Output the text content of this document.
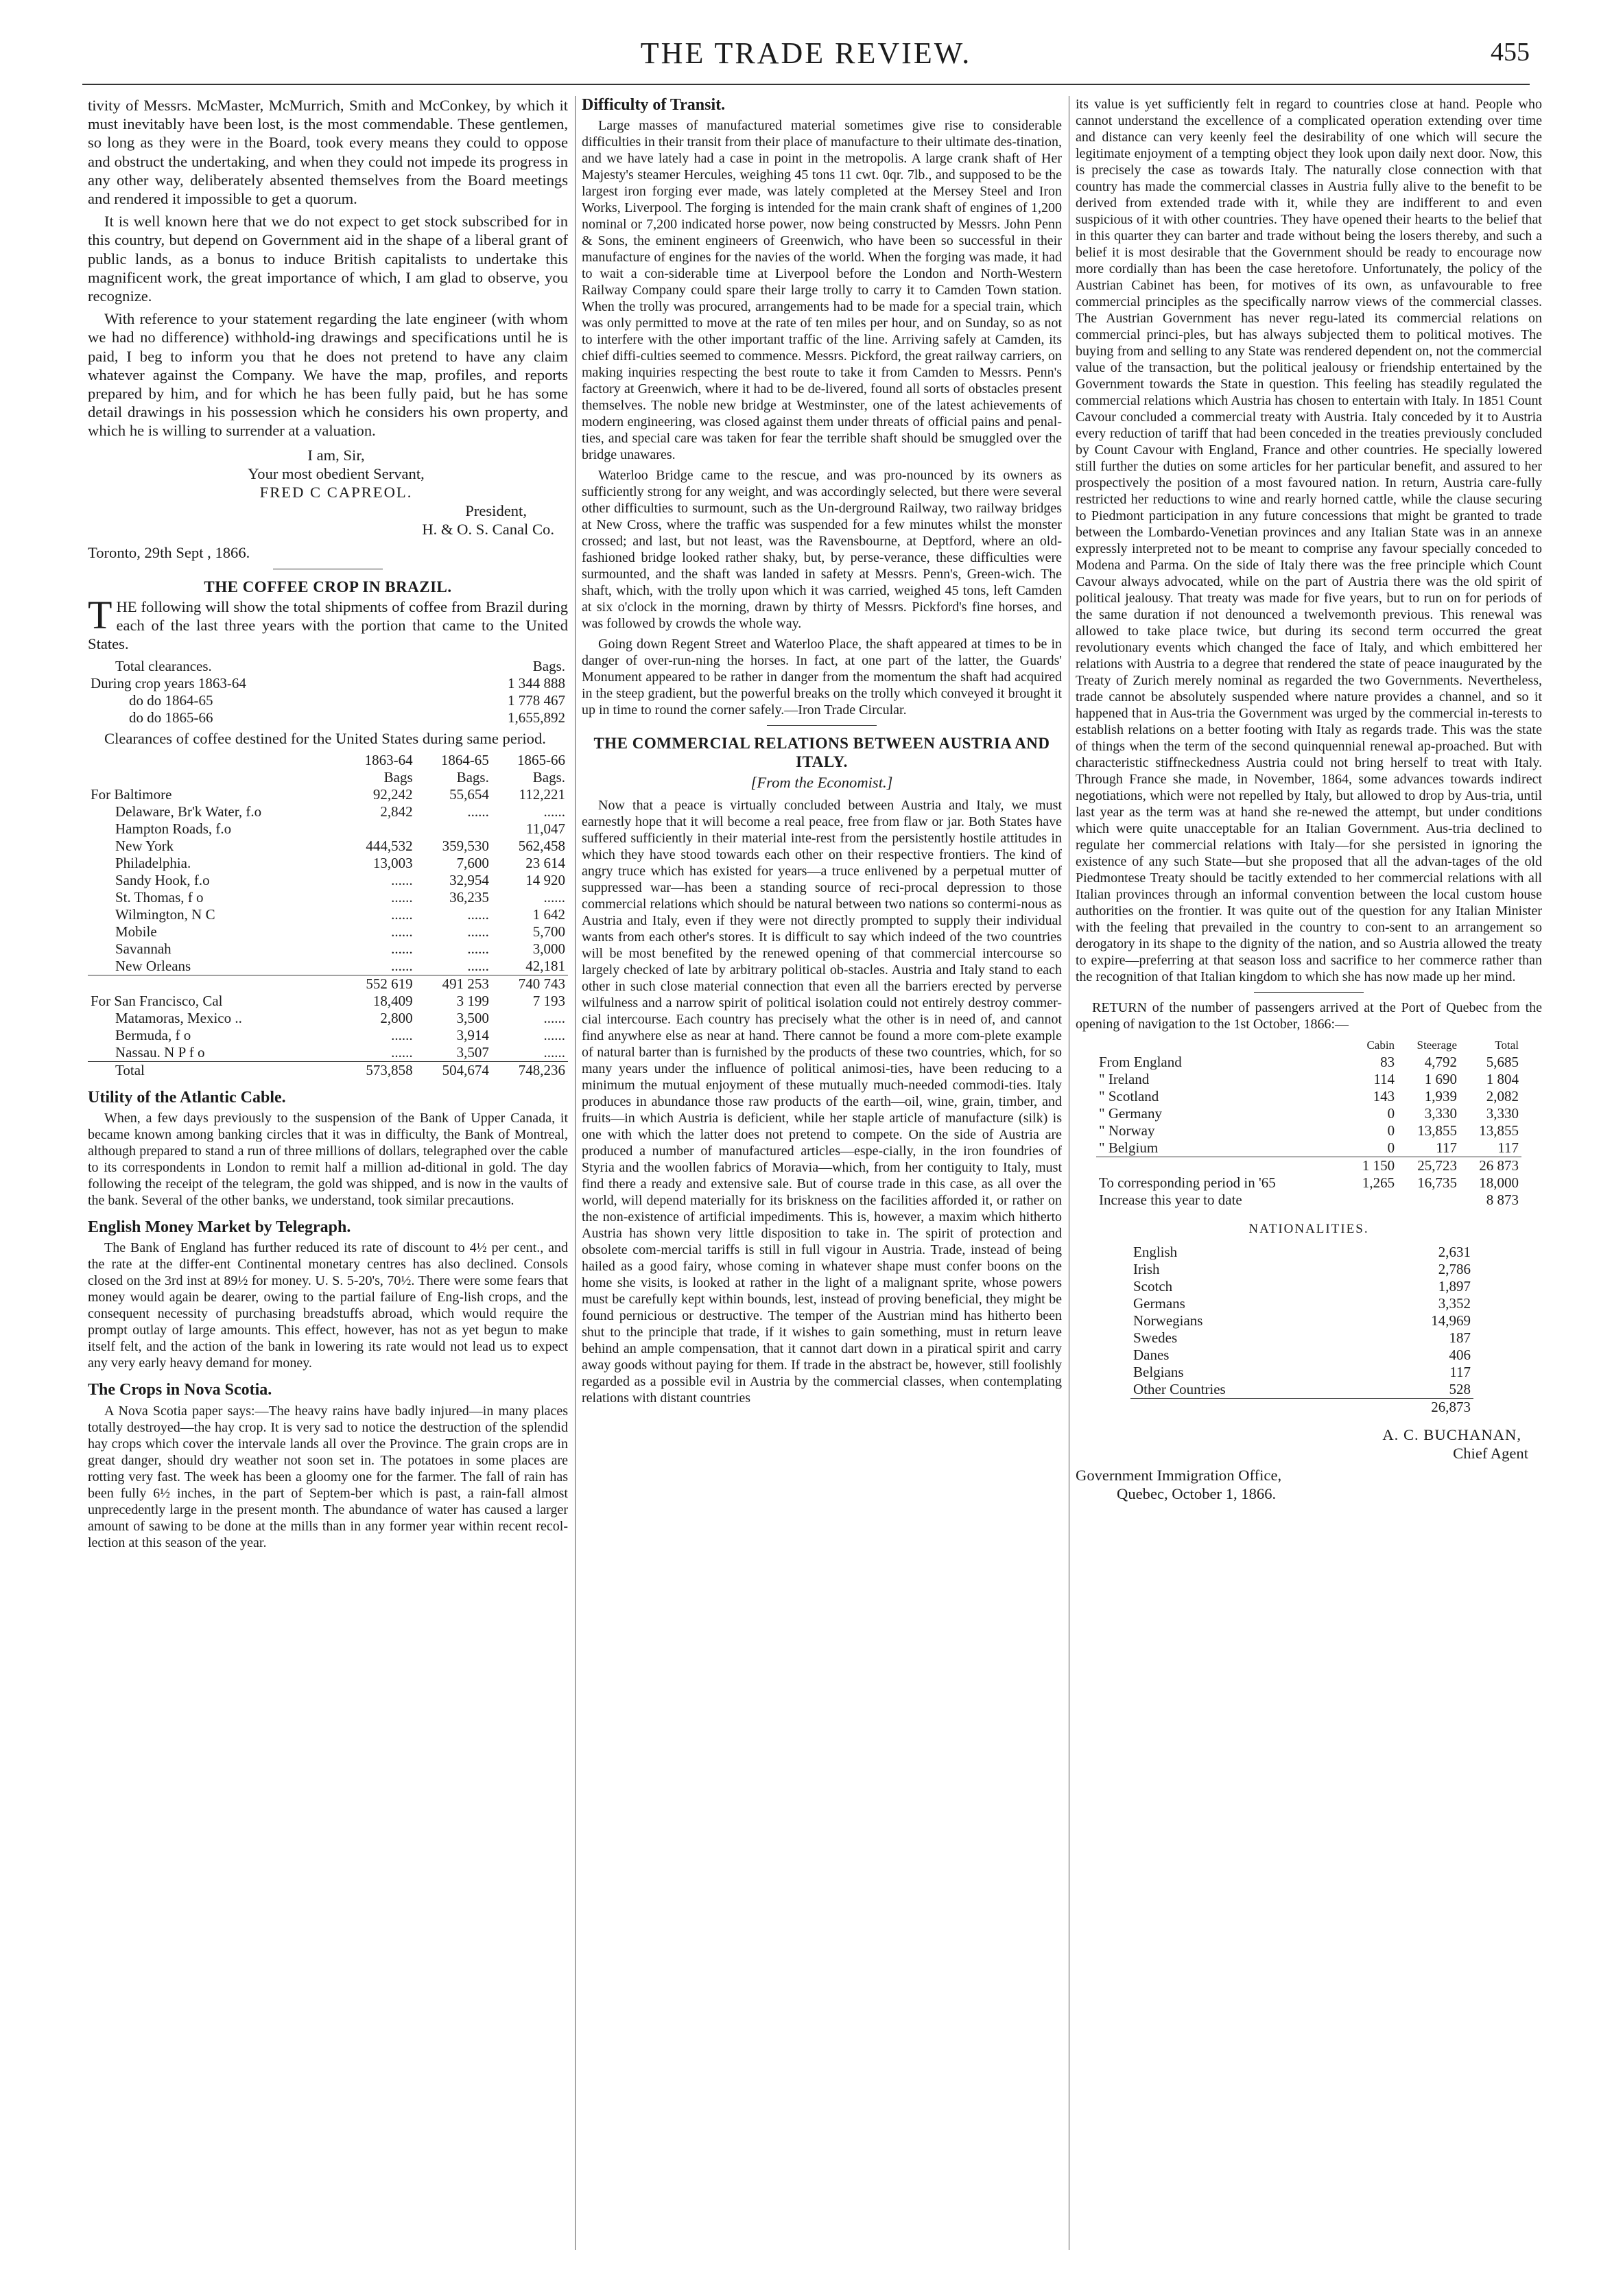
THE TRADE REVIEW.	455

tivity of Messrs. McMaster, McMurrich, Smith and McConkey, by which it must inevitably have been lost, is the most commendable. These gentlemen, so long as they were in the Board, took every means they could to oppose and obstruct the undertaking, and when they could not impede its progress in any other way, deliberately absented themselves from the Board meetings and rendered it impossible to get a quorum.

It is well known here that we do not expect to get stock subscribed for in this country, but depend on Government aid in the shape of a liberal grant of public lands, as a bonus to induce British capitalists to undertake this magnificent work, the great importance of which, I am glad to observe, you recognize.

With reference to your statement regarding the late engineer (with whom we had no difference) withhold-ing drawings and specifications until he is paid, I beg to inform you that he does not pretend to have any claim whatever against the Company. We have the map, profiles, and reports prepared by him, and for which he has been fully paid, but he has some detail drawings in his possession which he considers his own property, and which he is willing to surrender at a valuation.

I am, Sir,

Your most obedient Servant,

FRED C CAPREOL.

President,

H. & O. S. Canal Co.

Toronto, 29th Sept , 1866.

THE COFFEE CROP IN BRAZIL.

THE following will show the total shipments of coffee from Brazil during each of the last three years with the portion that came to the United States.

Total clearances.	Bags.
During crop years 1863-64	1 344 888
do do 1864-65	1 778 467
do do 1865-66	1,655,892

Clearances of coffee destined for the United States during same period.

	1863-64	1864-65	1865-66
	Bags	Bags.	Bags.
For Baltimore	92,242	55,654	112,221
Delaware, Br'k Water, f.o	2,842	......	......
Hampton Roads, f.o			11,047
New York	444,532	359,530	562,458
Philadelphia.	13,003	7,600	23 614
Sandy Hook, f.o	......	32,954	14 920
St. Thomas, f o	......	36,235	......
Wilmington, N C	......	......	1 642
Mobile	......	......	5,700
Savannah	......	......	3,000
New Orleans	......	......	42,181
	552 619	491 253	740 743
For San Francisco, Cal	18,409	3 199	7 193
Matamoras, Mexico ..	2,800	3,500	......
Bermuda, f o	......	3,914	......
Nassau. N P f o	......	3,507	......
Total	573,858	504,674	748,236
Utility of the Atlantic Cable.

When, a few days previously to the suspension of the Bank of Upper Canada, it became known among banking circles that it was in difficulty, the Bank of Montreal, although prepared to stand a run of three millions of dollars, telegraphed over the cable to its correspondents in London to remit half a million ad-ditional in gold. The day following the receipt of the telegram, the gold was shipped, and is now in the vaults of the bank. Several of the other banks, we understand, took similar precautions.

English Money Market by Telegraph.

The Bank of England has further reduced its rate of discount to 4½ per cent., and the rate at the differ-ent Continental monetary centres has also declined. Consols closed on the 3rd inst at 89½ for money. U. S. 5-20's, 70½. There were some fears that money would again be dearer, owing to the partial failure of Eng-lish crops, and the consequent necessity of purchasing breadstuffs abroad, which would require the prompt outlay of large amounts. This effect, however, has not as yet begun to make itself felt, and the action of the bank in lowering its rate would not lead us to expect any very early heavy demand for money.

The Crops in Nova Scotia.

A Nova Scotia paper says:—The heavy rains have badly injured—in many places totally destroyed—the hay crop. It is very sad to notice the destruction of the splendid hay crops which cover the intervale lands all over the Province. The grain crops are in great danger, should dry weather not soon set in. The potatoes in some places are rotting very fast. The week has been a gloomy one for the farmer. The fall of rain has been fully 6½ inches, in the part of Septem-ber which is past, a rain-fall almost unprecedently large in the present month. The abundance of water has caused a larger amount of sawing to be done at the mills than in any former year within recent recol-lection at this season of the year.

Difficulty of Transit.

Large masses of manufactured material sometimes give rise to considerable difficulties in their transit from their place of manufacture to their ultimate des-tination, and we have lately had a case in point in the metropolis. A large crank shaft of Her Majesty's steamer Hercules, weighing 45 tons 11 cwt. 0qr. 7lb., and supposed to be the largest iron forging ever made, was lately completed at the Mersey Steel and Iron Works, Liverpool. The forging is intended for the main crank shaft of engines of 1,200 nominal or 7,200 indicated horse power, now being constructed by Messrs. John Penn & Sons, the eminent engineers of Greenwich, who have been so successful in their manufacture of engines for the navies of the world. When the forging was made, it had to wait a con-siderable time at Liverpool before the London and North-Western Railway Company could spare their large trolly to carry it to Camden Town station. When the trolly was procured, arrangements had to be made for a special train, which was only permitted to move at the rate of ten miles per hour, and on Sunday, so as not to interfere with the other important traffic of the line. Arriving safely at Camden, its chief diffi-culties seemed to commence. Messrs. Pickford, the great railway carriers, on making inquiries respecting the best route to take it from Camden to Messrs. Penn's factory at Greenwich, where it had to be de-livered, found all sorts of obstacles present themselves. The noble new bridge at Westminster, one of the latest achievements of modern engineering, was closed against them under threats of official pains and penal-ties, and special care was taken for fear the terrible shaft should be smuggled over the bridge unawares.

Waterloo Bridge came to the rescue, and was pro-nounced by its owners as sufficiently strong for any weight, and was accordingly selected, but there were several other difficulties to surmount, such as the Un-derground Railway, two railway bridges at New Cross, where the traffic was suspended for a few minutes whilst the monster crossed; and last, but not least, was the Ravensbourne, at Deptford, where an old-fashioned bridge looked rather shaky, but, by perse-verance, these difficulties were surmounted, and the shaft was landed in safety at Messrs. Penn's, Green-wich. The shaft, which, with the trolly upon which it was carried, weighed 45 tons, left Camden at six o'clock in the morning, drawn by thirty of Messrs. Pickford's fine horses, and was followed by crowds the whole way.

Going down Regent Street and Waterloo Place, the shaft appeared at times to be in danger of over-run-ning the horses. In fact, at one part of the latter, the Guards' Monument appeared to be rather in danger from the momentum the shaft had acquired in the steep gradient, but the powerful breaks on the trolly which conveyed it brought it up in time to round the corner safely.—Iron Trade Circular.

THE COMMERCIAL RELATIONS BETWEEN AUSTRIA AND ITALY.
[From the Economist.]

Now that a peace is virtually concluded between Austria and Italy, we must earnestly hope that it will become a real peace, free from flaw or jar. Both States have suffered sufficiently in their material inte-rest from the persistently hostile attitudes in which they have stood towards each other on their respective frontiers. The kind of angry truce which has existed for years—a truce enlivened by a perpetual mutter of suppressed war—has been a standing source of reci-procal depression to those commercial relations which should be natural between two nations so contermi-nous as Austria and Italy, even if they were not directly prompted to supply their individual wants from each other's stores. It is difficult to say which indeed of the two countries will be most benefited by the renewed opening of that commercial intercourse so largely checked of late by arbitrary political ob-stacles. Austria and Italy stand to each other in such close material connection that even all the barriers erected by perverse wilfulness and a narrow spirit of political isolation could not entirely destroy commer-cial intercourse. Each country has precisely what the other is in need of, and cannot find anywhere else as near at hand. There cannot be found a more com-plete example of natural barter than is furnished by the products of these two countries, which, for so many years under the influence of political animosi-ties, have been reducing to a minimum the mutual enjoyment of these mutually much-needed commodi-ties. Italy produces in abundance those raw products of the earth—oil, wine, grain, timber, and fruits—in which Austria is deficient, while her staple article of manufacture (silk) is one with which the latter does not pretend to compete. On the side of Austria are produced a number of manufactured articles—espe-cially, in the iron foundries of Styria and the woollen fabrics of Moravia—which, from her contiguity to Italy, must find there a ready and extensive sale. But of course trade in this case, as all over the world, will depend materially for its briskness on the facilities afforded it, or rather on the non-existence of artificial impediments. This is, however, a maxim which hitherto Austria has shown very little disposition to take in. The spirit of protection and obsolete com-mercial tariffs is still in full vigour in Austria. Trade, instead of being hailed as a good fairy, whose coming in whatever shape must confer boons on the home she visits, is looked at rather in the light of a malignant sprite, whose powers must be carefully kept within bounds, lest, instead of proving beneficial, they might be found pernicious or destructive. The temper of the Austrian mind has hitherto been shut to the principle that trade, if it wishes to gain something, must in return leave behind an ample compensation, that it cannot dart down in a piratical spirit and carry away goods without paying for them. If trade in the abstract be, however, still foolishly regarded as a possible evil in Austria by the commercial classes, when contemplating relations with distant countries

its value is yet sufficiently felt in regard to countries close at hand. People who cannot understand the excellence of a complicated operation extending over time and distance can very keenly feel the desirability of one which will secure the legitimate enjoyment of a tempting object they look upon daily next door. Now, this is precisely the case as towards Italy. The naturally close connection with that country has made the commercial classes in Austria fully alive to the benefit to be derived from extended trade with it, while they are indifferent to and even suspicious of it with other countries. They have opened their hearts to the belief that in this quarter they can barter and trade without being the losers thereby, and such a belief it is most desirable that the Government should be ready to encourage now more cordially than has been the case heretofore. Unfortunately, the policy of the Austrian Cabinet has been, for motives of its own, as unfavourable to free commercial principles as the specifically narrow views of the commercial classes. The Austrian Government has never regu-lated its commercial relations on commercial princi-ples, but has always subjected them to political motives. The buying from and selling to any State was rendered dependent on, not the commercial value of the transaction, but the political jealousy or friendship entertained by the Government towards the State in question. This feeling has steadily regulated the commercial relations which Austria has chosen to entertain with Italy. In 1851 Count Cavour concluded a commercial treaty with Austria. Italy conceded by it to Austria every reduction of tariff that had been conceded in the treaties previously concluded by Count Cavour with England, France and other countries. He specially lowered still further the duties on some articles for her particular benefit, and assured to her prospectively the position of a most favoured nation. In return, Austria care-fully restricted her reductions to wine and rearly horned cattle, while the clause securing to Piedmont participation in any future concessions that might be granted to trade between the Lombardo-Venetian provinces and any Italian State was in an annexe expressly interpreted not to be meant to comprise any favour specially conceded to Modena and Parma. On the side of Italy there was the free principle which Count Cavour always advocated, while on the part of Austria there was the old spirit of political jealousy. That treaty was made for five years, but to run on for periods of the same duration if not denounced a twelvemonth previous. This renewal was allowed to take place twice, but during its second term occurred the great revolutionary events which changed the face of Italy, and which embittered her relations with Austria to a degree that rendered the state of peace inaugurated by the Treaty of Zurich merely nominal as regarded the two Governments. Nevertheless, trade cannot be absolutely suspended where nature provides a channel, and so it happened that in Aus-tria the Government was urged by the commercial in-terests to establish relations on a better footing with Italy as regards trade. This was the state of things when the term of the second quinquennial renewal ap-proached. But with characteristic stiffneckedness Austria could not bring herself to treat with Italy. Through France she made, in November, 1864, some advances towards indirect negotiations, which were not repelled by Italy, but allowed to drop by Aus-tria, until last year as the term was at hand she re-newed the attempt, but under conditions which were quite unacceptable for an Italian Government. Aus-tria declined to regulate her commercial relations with Italy—for she persisted in ignoring the existence of any such State—but she proposed that all the advan-tages of the old Piedmontese Treaty should be tacitly extended to her commercial relations with all Italian provinces through an informal convention between the local custom house authorities on the frontier. It was quite out of the question for any Italian Minister with the feeling that prevailed in the country to con-sent to an arrangement so derogatory in its shape to the dignity of the nation, and so Austria allowed the treaty to expire—preferring at that season loss and sacrifice to her commerce rather than the recognition of that Italian kingdom to which she has now made up her mind.

RETURN of the number of passengers arrived at the Port of Quebec from the opening of navigation to the 1st October, 1866:—

	Cabin	Steerage	Total
From England	83	4,792	5,685
" Ireland	114	1 690	1 804
" Scotland	143	1,939	2,082
" Germany	0	3,330	3,330
" Norway	0	13,855	13,855
" Belgium	0	117	117
	1 150	25,723	26 873
To corresponding period in '65	1,265	16,735	18,000
Increase this year to date			8 873
NATIONALITIES.
English	2,631
Irish	2,786
Scotch	1,897
Germans	3,352
Norwegians	14,969
Swedes	187
Danes	406
Belgians	117
Other Countries	528
	26,873

A. C. BUCHANAN,

Chief Agent

Government Immigration Office,

Quebec, October 1, 1866.
